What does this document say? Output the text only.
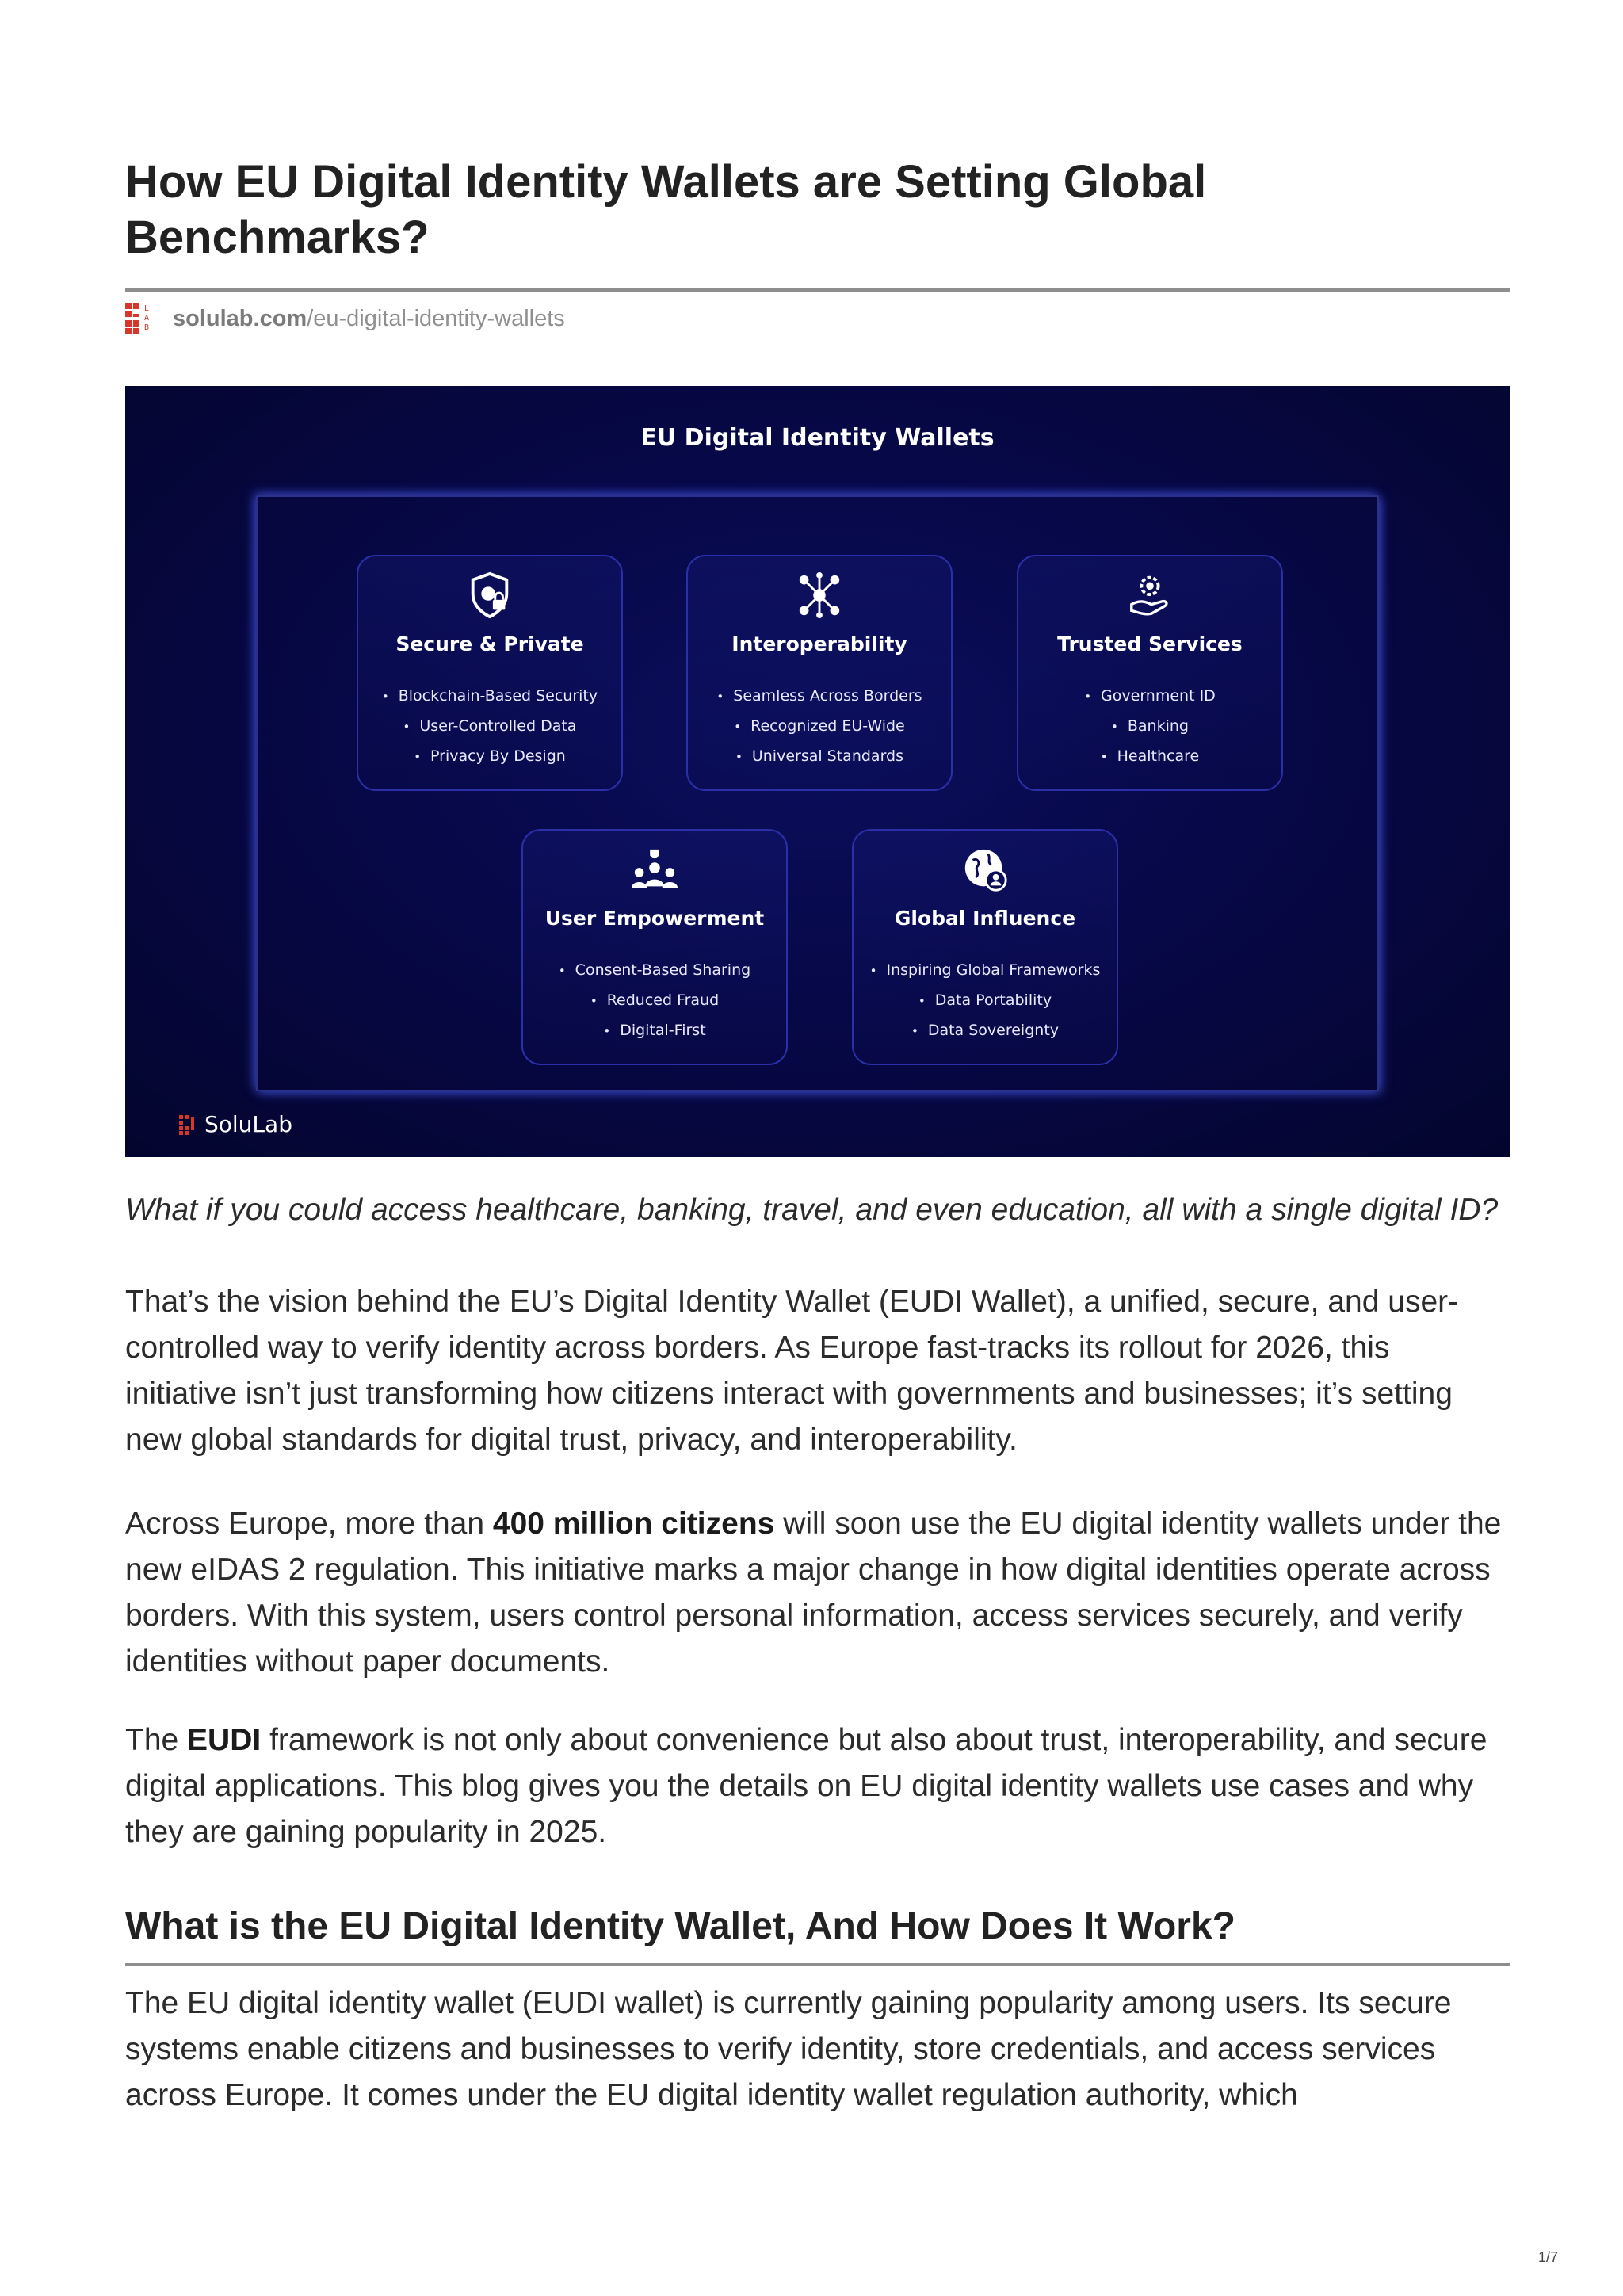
How EU Digital Identity Wallets are Setting Global Benchmarks?
L
A
B solulab.com/eu-digital-identity-wallets
EU Digital Identity Wallets
Secure & Private
• Blockchain-Based Security
• User-Controlled Data
• Privacy By Design
Interoperability
• Seamless Across Borders
• Recognized EU-Wide
• Universal Standards
Trusted Services
• Government ID
• Banking
• Healthcare
User Empowerment
• Consent-Based Sharing
• Reduced Fraud
• Digital-First
Global Influence
• Inspiring Global Frameworks
• Data Portability
• Data Sovereignty
SoluLab
What if you could access healthcare, banking, travel, and even education, all with a single digital ID?
That’s the vision behind the EU’s Digital Identity Wallet (EUDI Wallet), a unified, secure, and user-controlled way to verify identity across borders. As Europe fast-tracks its rollout for 2026, this initiative isn’t just transforming how citizens interact with governments and businesses; it’s setting new global standards for digital trust, privacy, and interoperability.
Across Europe, more than 400 million citizens will soon use the EU digital identity wallets under the new eIDAS 2 regulation. This initiative marks a major change in how digital identities operate across borders. With this system, users control personal information, access services securely, and verify identities without paper documents.
The EUDI framework is not only about convenience but also about trust, interoperability, and secure digital applications. This blog gives you the details on EU digital identity wallets use cases and why they are gaining popularity in 2025.
What is the EU Digital Identity Wallet, And How Does It Work?
The EU digital identity wallet (EUDI wallet) is currently gaining popularity among users. Its secure systems enable citizens and businesses to verify identity, store credentials, and access services across Europe. It comes under the EU digital identity wallet regulation authority, which
1/7
